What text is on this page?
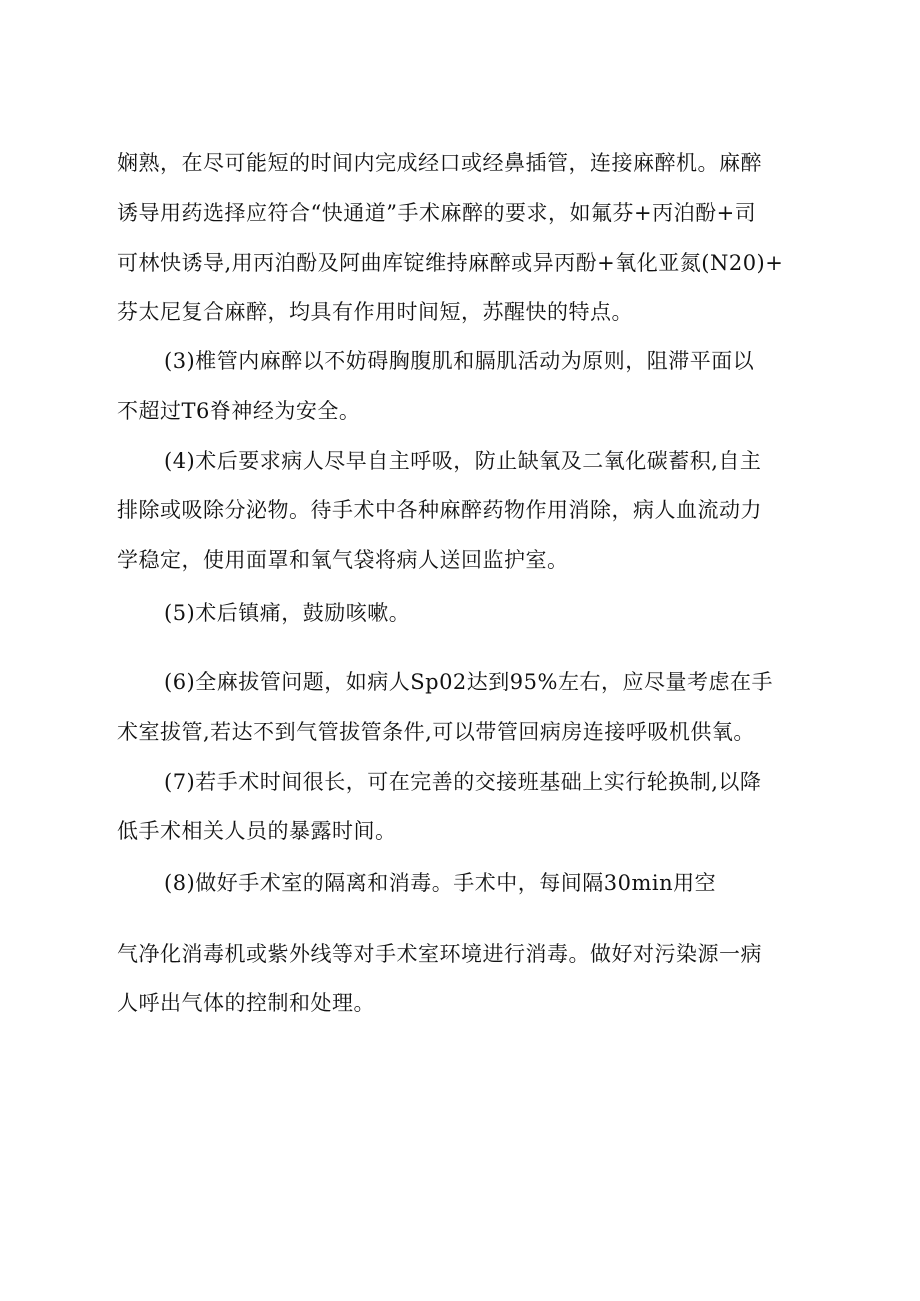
娴熟，在尽可能短的时间内完成经口或经鼻插管，连接麻醉机。麻醉
诱导用药选择应符合“快通道”手术麻醉的要求，如氟芬+丙泊酚+司
可林快诱导,用丙泊酚及阿曲库锭维持麻醉或异丙酚+氧化亚氮(N20)+
芬太尼复合麻醉，均具有作用时间短，苏醒快的特点。
(3)椎管内麻醉以不妨碍胸腹肌和膈肌活动为原则，阻滞平面以
不超过T6脊神经为安全。
(4)术后要求病人尽早自主呼吸，防止缺氧及二氧化碳蓄积,自主
排除或吸除分泌物。待手术中各种麻醉药物作用消除，病人血流动力
学稳定，使用面罩和氧气袋将病人送回监护室。
(5)术后镇痛，鼓励咳嗽。
(6)全麻拔管问题，如病人Sp02达到95%左右，应尽量考虑在手
术室拔管,若达不到气管拔管条件,可以带管回病房连接呼吸机供氧。
(7)若手术时间很长，可在完善的交接班基础上实行轮换制,以降
低手术相关人员的暴露时间。
(8)做好手术室的隔离和消毒。手术中，每间隔30min用空
气净化消毒机或紫外线等对手术室环境进行消毒。做好对污染源一病
人呼出气体的控制和处理。
